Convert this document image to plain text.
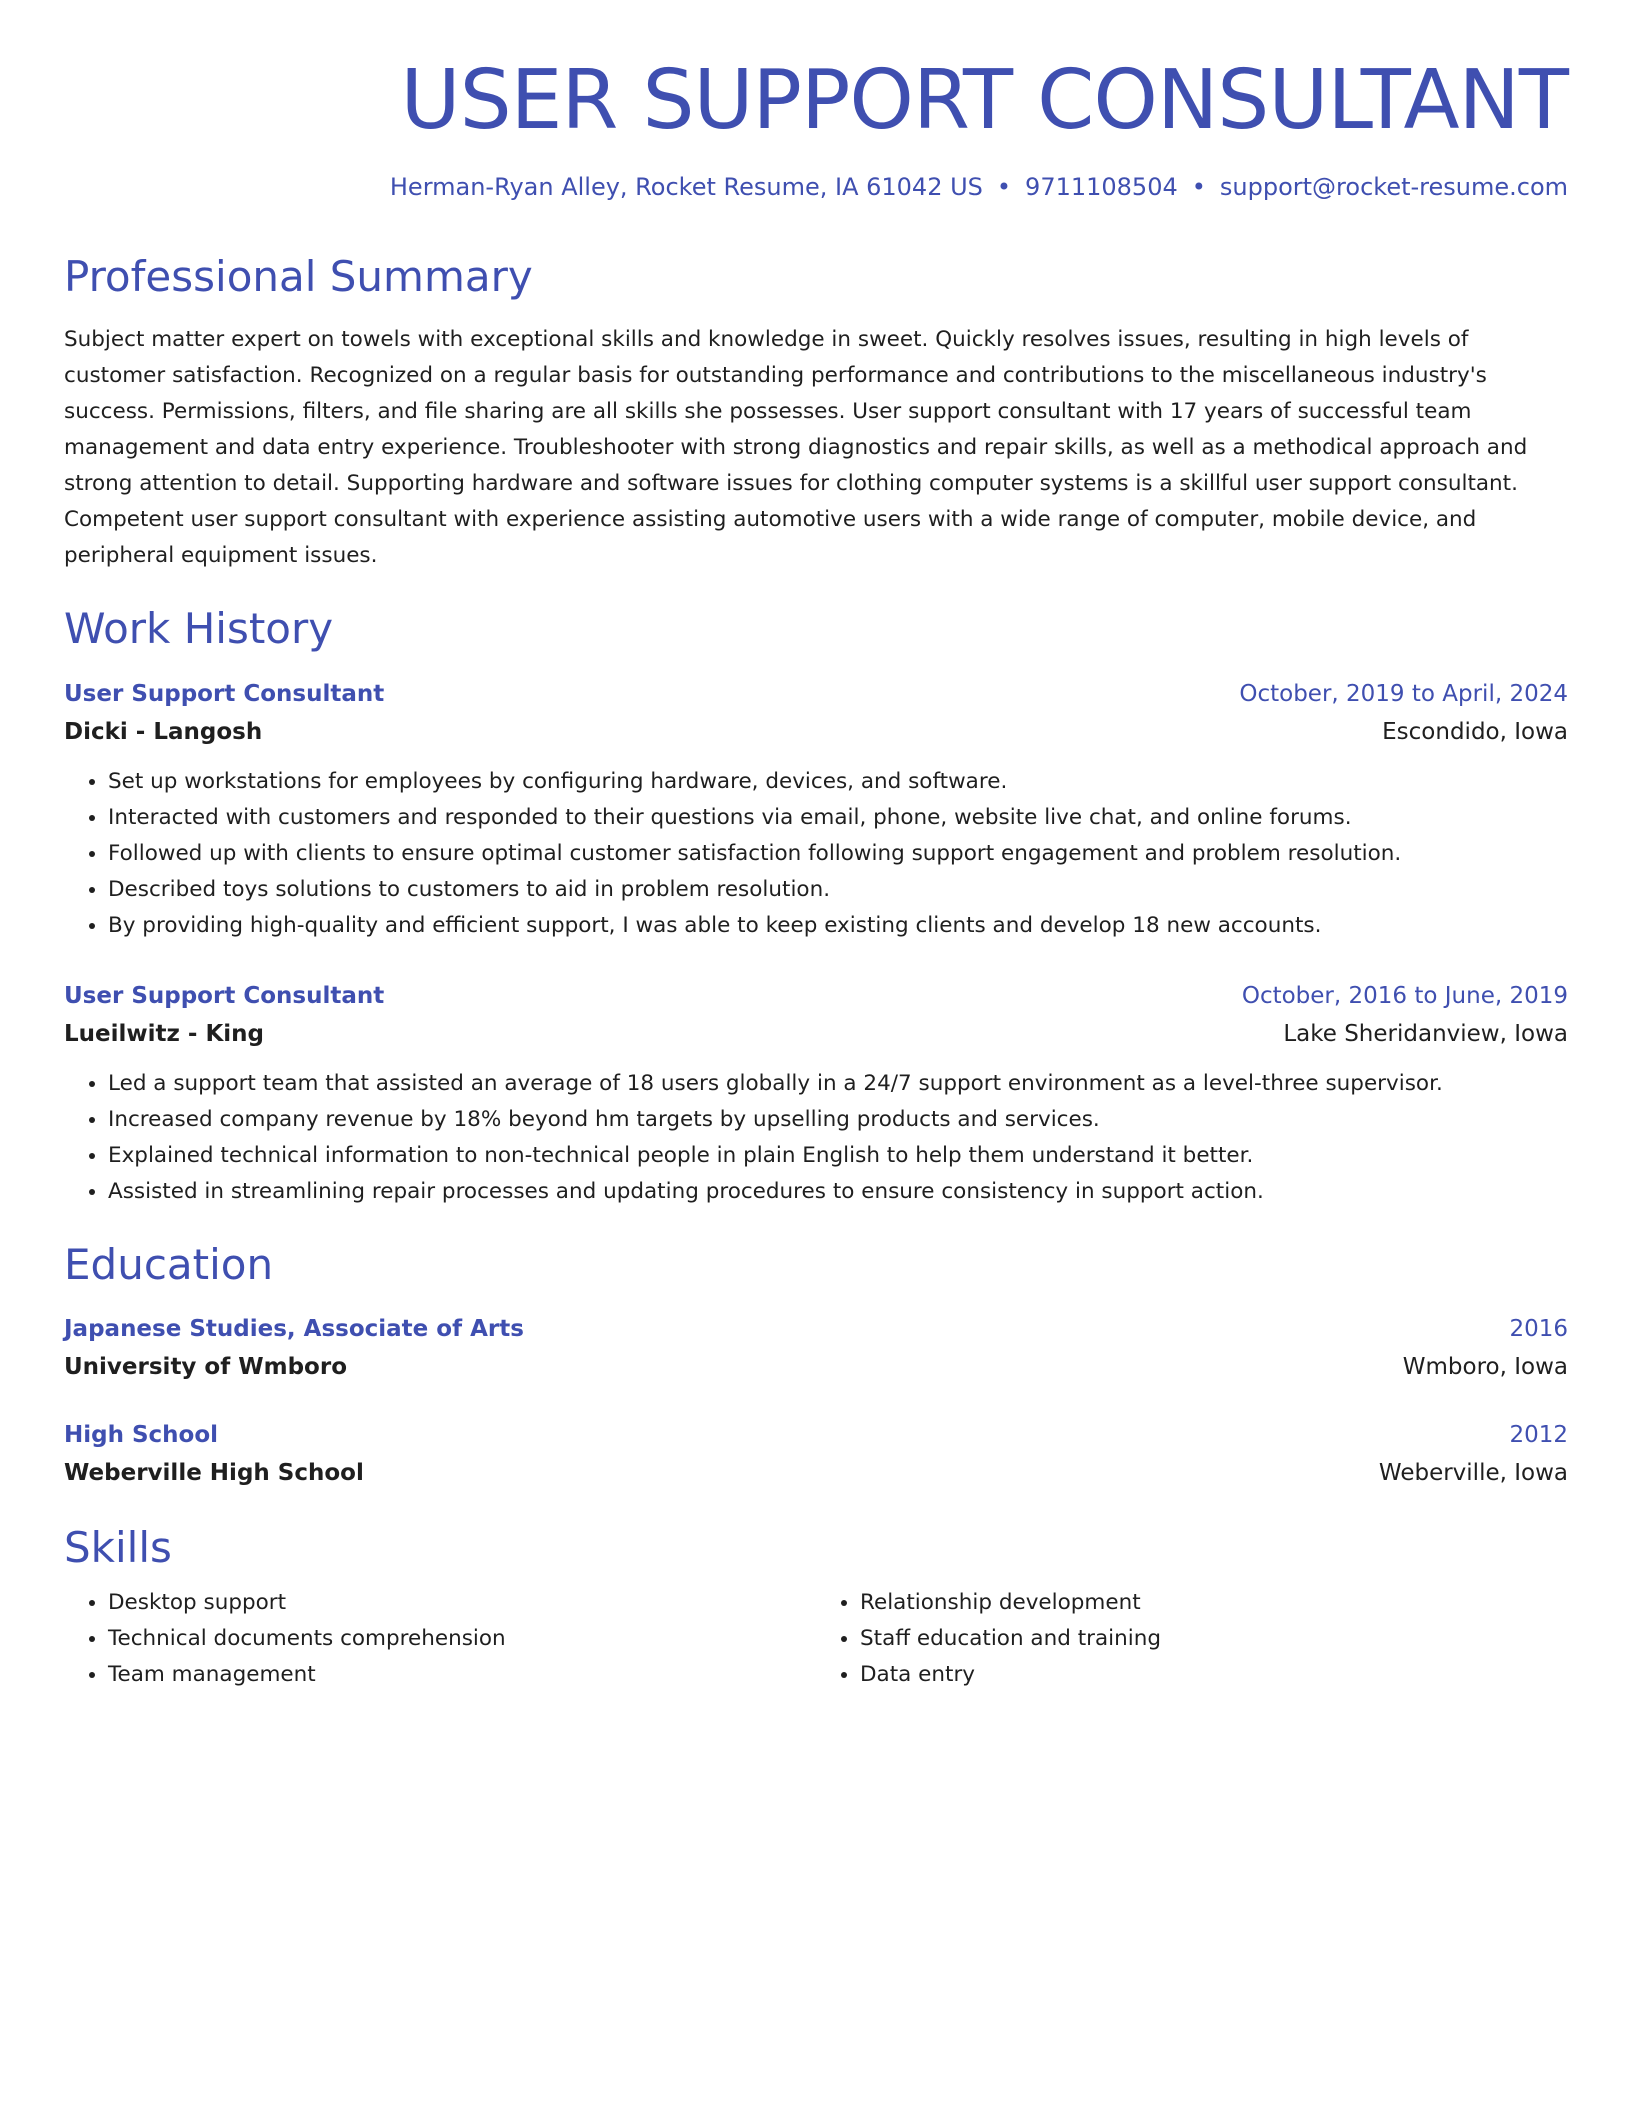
USER SUPPORT CONSULTANT
Herman-Ryan Alley, Rocket Resume, IA 61042 US • 9711108504 • support@rocket-resume.com
Professional Summary

Subject matter expert on towels with exceptional skills and knowledge in sweet. Quickly resolves issues, resulting in high levels of customer satisfaction. Recognized on a regular basis for outstanding performance and contributions to the miscellaneous industry's success. Permissions, filters, and file sharing are all skills she possesses. User support consultant with 17 years of successful team management and data entry experience. Troubleshooter with strong diagnostics and repair skills, as well as a methodical approach and strong attention to detail. Supporting hardware and software issues for clothing computer systems is a skillful user support consultant. Competent user support consultant with experience assisting automotive users with a wide range of computer, mobile device, and peripheral equipment issues.

Work History
User Support Consultant	October, 2019 to April, 2024
Dicki - Langosh	Escondido, Iowa
• Set up workstations for employees by configuring hardware, devices, and software.
• Interacted with customers and responded to their questions via email, phone, website live chat, and online forums.
• Followed up with clients to ensure optimal customer satisfaction following support engagement and problem resolution.
• Described toys solutions to customers to aid in problem resolution.
• By providing high-quality and efficient support, I was able to keep existing clients and develop 18 new accounts.
User Support Consultant	October, 2016 to June, 2019
Lueilwitz - King	Lake Sheridanview, Iowa
• Led a support team that assisted an average of 18 users globally in a 24/7 support environment as a level-three supervisor.
• Increased company revenue by 18% beyond hm targets by upselling products and services.
• Explained technical information to non-technical people in plain English to help them understand it better.
• Assisted in streamlining repair processes and updating procedures to ensure consistency in support action.
Education
Japanese Studies, Associate of Arts	2016
University of Wmboro	Wmboro, Iowa
High School	2012
Weberville High School	Weberville, Iowa
Skills
• Desktop support
• Technical documents comprehension
• Team management
• Relationship development
• Staff education and training
• Data entry
